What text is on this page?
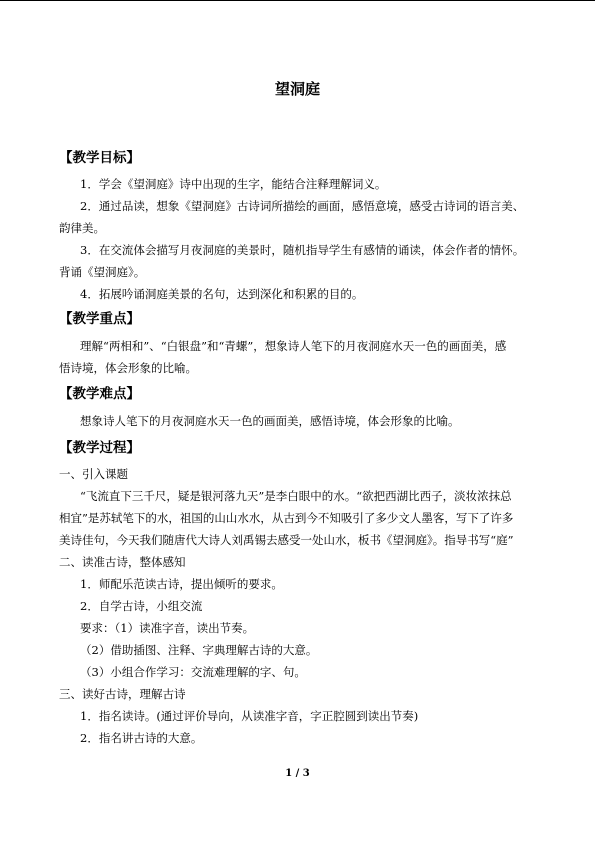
望洞庭
【教学目标】
1．学会《望洞庭》诗中出现的生字，能结合注释理解词义。
2．通过品读，想象《望洞庭》古诗词所描绘的画面，感悟意境，感受古诗词的语言美、
韵律美。
3．在交流体会描写月夜洞庭的美景时，随机指导学生有感情的诵读，体会作者的情怀。
背诵《望洞庭》。
4．拓展吟诵洞庭美景的名句，达到深化和积累的目的。
【教学重点】
理解“两相和”、“白银盘”和“青螺”，想象诗人笔下的月夜洞庭水天一色的画面美，感
悟诗境，体会形象的比喻。
【教学难点】
想象诗人笔下的月夜洞庭水天一色的画面美，感悟诗境，体会形象的比喻。
【教学过程】
一、引入课题
“飞流直下三千尺，疑是银河落九天”是李白眼中的水。“欲把西湖比西子，淡妆浓抹总
相宜”是苏轼笔下的水，祖国的山山水水，从古到今不知吸引了多少文人墨客，写下了许多
美诗佳句，今天我们随唐代大诗人刘禹锡去感受一处山水，板书《望洞庭》。指导书写“庭”
二、读准古诗，整体感知
1．师配乐范读古诗，提出倾听的要求。
2．自学古诗，小组交流
要求：（1）读准字音，读出节奏。
（2）借助插图、注释、字典理解古诗的大意。
（3）小组合作学习：交流难理解的字、句。
三、读好古诗，理解古诗
1．指名读诗。(通过评价导向，从读准字音，字正腔圆到读出节奏)
2．指名讲古诗的大意。
1 / 3
